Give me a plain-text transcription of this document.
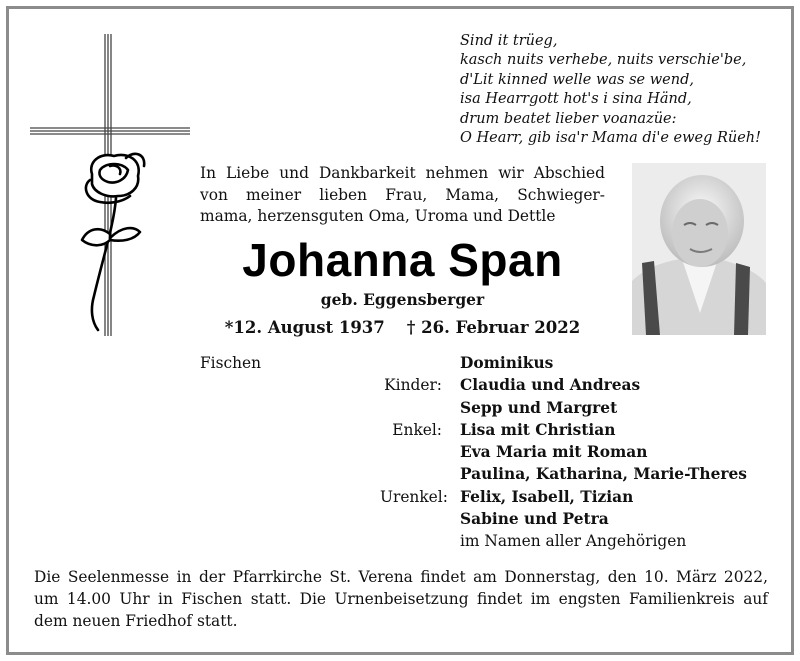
Sind it trüeg,
kasch nuits verhebe, nuits verschie'be,
d'Lit kinned welle was se wend,
isa Hearrgott hot's i sina Händ,
drum beatet lieber voanazüe:
O Hearr, gib isa'r Mama di'e eweg Rüeh!
In Liebe und Dankbarkeit nehmen wir Abschied
von meiner lieben Frau, Mama, Schwieger-
mama, herzensguten Oma, Uroma und Dettle
Johanna Span
geb. Eggensberger
*12. August 1937 † 26. Februar 2022
Fischen	Dominikus
Kinder:	Claudia und Andreas
Sepp und Margret
Enkel:	Lisa mit Christian
Eva Maria mit Roman
Paulina, Katharina, Marie-Theres
Urenkel: Felix, Isabell, Tizian
Sabine und Petra
im Namen aller Angehörigen
Die Seelenmesse in der Pfarrkirche St. Verena findet am Donnerstag, den 10. März 2022,
um 14.00 Uhr in Fischen statt. Die Urnenbeisetzung findet im engsten Familienkreis auf
dem neuen Friedhof statt.
